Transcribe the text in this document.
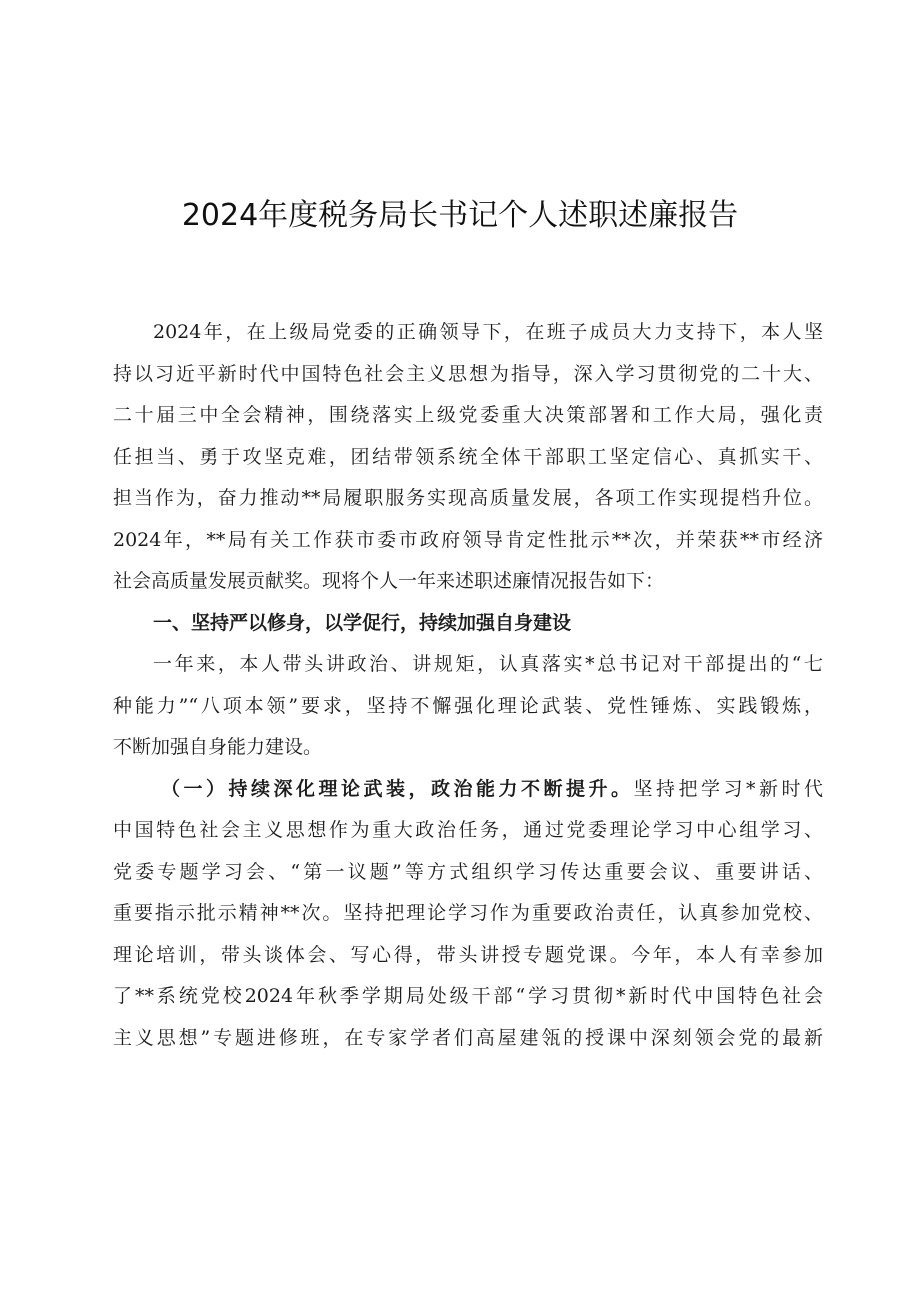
2024年度税务局长书记个人述职述廉报告
2024年，在上级局党委的正确领导下，在班子成员大力支持下，本人坚
持以习近平新时代中国特色社会主义思想为指导，深入学习贯彻党的二十大、
二十届三中全会精神，围绕落实上级党委重大决策部署和工作大局，强化责
任担当、勇于攻坚克难，团结带领系统全体干部职工坚定信心、真抓实干、
担当作为，奋力推动**局履职服务实现高质量发展，各项工作实现提档升位。
2024年，**局有关工作获市委市政府领导肯定性批示**次，并荣获**市经济
社会高质量发展贡献奖。现将个人一年来述职述廉情况报告如下：
一、坚持严以修身，以学促行，持续加强自身建设
一年来，本人带头讲政治、讲规矩，认真落实*总书记对干部提出的“七
种能力”“八项本领”要求，坚持不懈强化理论武装、党性锤炼、实践锻炼，
不断加强自身能力建设。
（一）持续深化理论武装，政治能力不断提升。坚持把学习*新时代
中国特色社会主义思想作为重大政治任务，通过党委理论学习中心组学习、
党委专题学习会、“第一议题”等方式组织学习传达重要会议、重要讲话、
重要指示批示精神**次。坚持把理论学习作为重要政治责任，认真参加党校、
理论培训，带头谈体会、写心得，带头讲授专题党课。今年，本人有幸参加
了**系统党校2024年秋季学期局处级干部“学习贯彻*新时代中国特色社会
主义思想”专题进修班，在专家学者们高屋建瓴的授课中深刻领会党的最新
